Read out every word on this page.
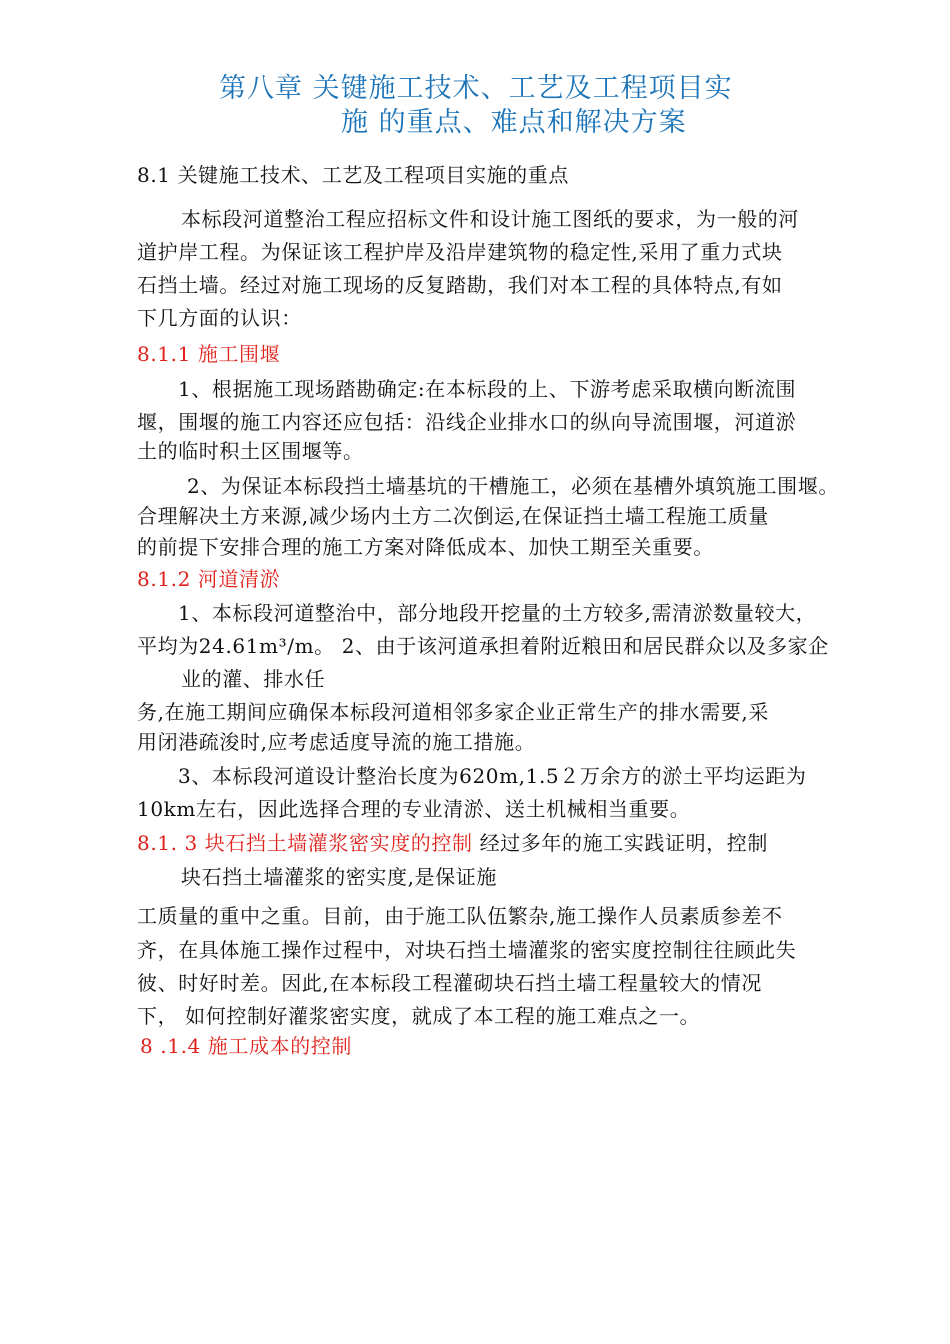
第八章 关键施工技术、工艺及工程项目实
施 的重点、难点和解决方案
8.1 关键施工技术、工艺及工程项目实施的重点
本标段河道整治工程应招标文件和设计施工图纸的要求，为一般的河
道护岸工程。为保证该工程护岸及沿岸建筑物的稳定性,采用了重力式块
石挡土墙。经过对施工现场的反复踏勘，我们对本工程的具体特点,有如
下几方面的认识：
8.1.1 施工围堰
1、根据施工现场踏勘确定:在本标段的上、下游考虑采取横向断流围
堰，围堰的施工内容还应包括：沿线企业排水口的纵向导流围堰，河道淤
土的临时积土区围堰等。
2、为保证本标段挡土墙基坑的干槽施工，必须在基槽外填筑施工围堰。
合理解决土方来源,减少场内土方二次倒运,在保证挡土墙工程施工质量
的前提下安排合理的施工方案对降低成本、加快工期至关重要。
8.1.2 河道清淤
1、本标段河道整治中，部分地段开挖量的土方较多,需清淤数量较大，
平均为24.61m³/m。 2、由于该河道承担着附近粮田和居民群众以及多家企
业的灌、排水任
务,在施工期间应确保本标段河道相邻多家企业正常生产的排水需要,采
用闭港疏浚时,应考虑适度导流的施工措施。
3、本标段河道设计整治长度为620m,1.5２万余方的淤土平均运距为
10km左右，因此选择合理的专业清淤、送土机械相当重要。
8.1. 3 块石挡土墙灌浆密实度的控制 经过多年的施工实践证明，控制
块石挡土墙灌浆的密实度,是保证施
工质量的重中之重。目前，由于施工队伍繁杂,施工操作人员素质参差不
齐，在具体施工操作过程中，对块石挡土墙灌浆的密实度控制往往顾此失
彼、时好时差。因此,在本标段工程灌砌块石挡土墙工程量较大的情况
下， 如何控制好灌浆密实度，就成了本工程的施工难点之一。
8 .1.4 施工成本的控制
